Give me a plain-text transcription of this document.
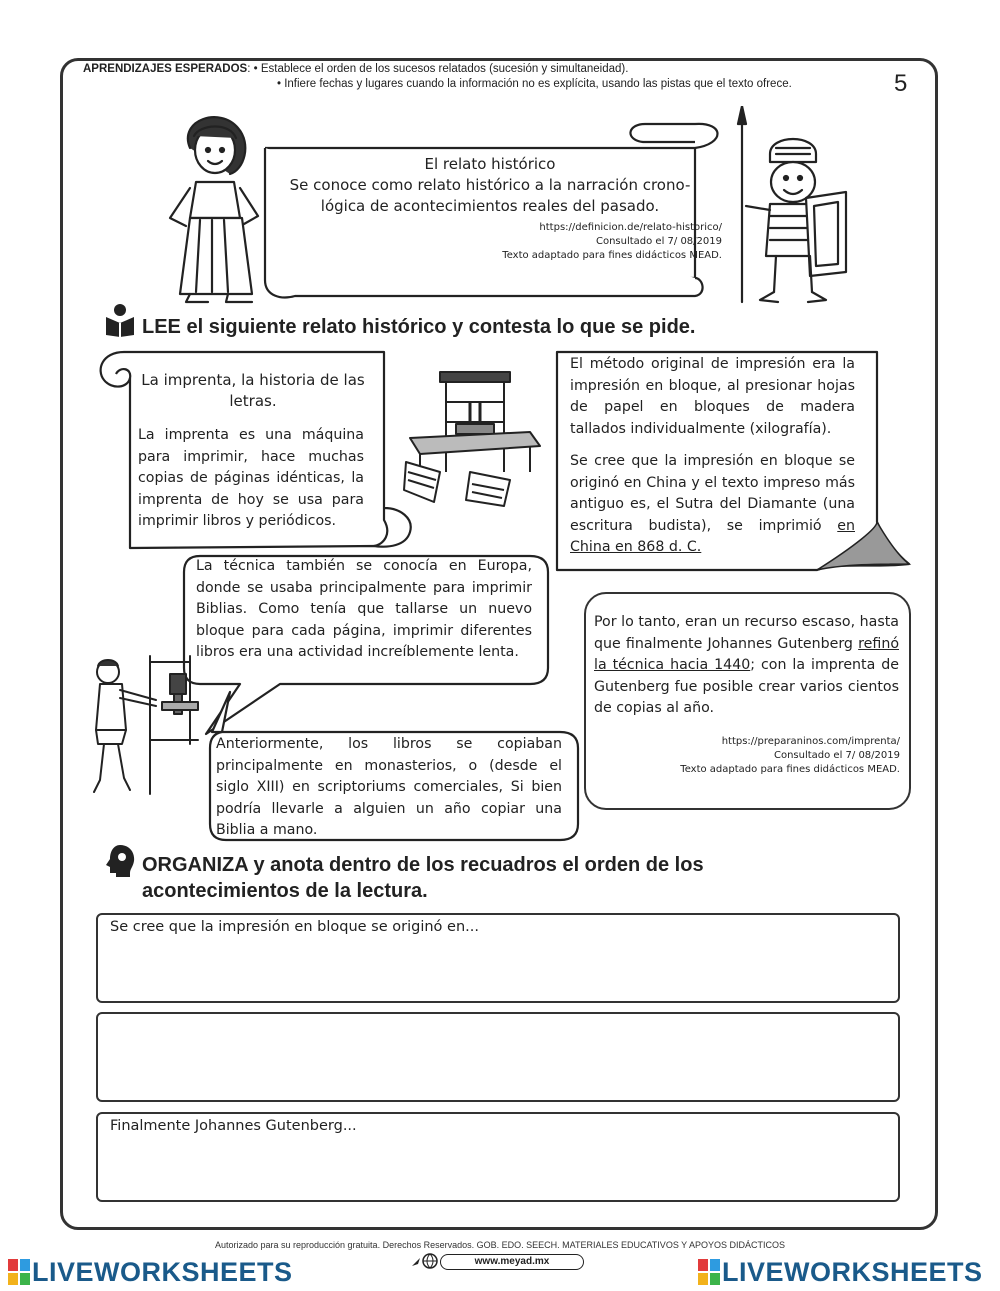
APRENDIZAJES ESPERADOS: • Establece el orden de los sucesos relatados (sucesión y simultaneidad).
• Infiere fechas y lugares cuando la información no es explícita, usando las pistas que el texto ofrece.	5
El relato histórico
Se conoce como relato histórico a la narración crono-
lógica de acontecimientos reales del pasado.
https://definicion.de/relato-historico/
Consultado el 7/ 08/2019
Texto adaptado para fines didácticos MEAD.
LEE el siguiente relato histórico y contesta lo que se pide.
La imprenta, la historia de las letras.
La imprenta es una máquina para imprimir, hace muchas copias de páginas idénticas, la imprenta de hoy se usa para imprimir libros y periódicos.
El método original de impresión era la impresión en bloque, al presionar hojas de papel en bloques de madera tallados individualmente (xilografía).
Se cree que la impresión en bloque se originó en China y el texto impreso más antiguo es, el Sutra del Diamante (una escritura budista), se imprimió en China en 868 d. C.
La técnica también se conocía en Europa, donde se usaba principalmente para imprimir Biblias. Como tenía que tallarse un nuevo bloque para cada página, imprimir diferentes libros era una actividad increíblemente lenta.
Anteriormente, los libros se copiaban principalmente en monasterios, o (desde el siglo XIII) en scriptoriums comerciales, Si bien podría llevarle a alguien un año copiar una Biblia a mano.
Por lo tanto, eran un recurso escaso, hasta que finalmente Johannes Gutenberg refinó la técnica hacia 1440; con la imprenta de Gutenberg fue posible crear varios cientos de copias al año.
https://preparaninos.com/imprenta/
Consultado el 7/ 08/2019
Texto adaptado para fines didácticos MEAD.
ORGANIZA y anota dentro de los recuadros el orden de los
acontecimientos de la lectura.
Se cree que la impresión en bloque se originó en...
Finalmente Johannes Gutenberg...
Autorizado para su reproducción gratuita. Derechos Reservados. GOB. EDO. SEECH. MATERIALES EDUCATIVOS Y APOYOS DIDÁCTICOS
www.meyad.mx
LIVEWORKSHEETS	LIVEWORKSHEETS
